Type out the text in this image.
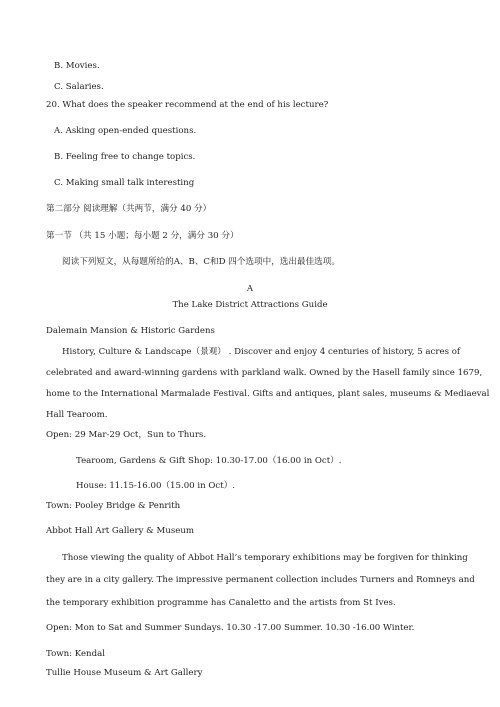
B. Movies.
C. Salaries.
20. What does the speaker recommend at the end of his lecture?
A. Asking open-ended questions.
B. Feeling free to change topics.
C. Making small talk interesting
第二部分 阅读理解（共两节，满分 40 分）
第一节 （共 15 小题；每小题 2 分，满分 30 分）
阅读下列短文，从每题所给的A、B、C和D 四个选项中，选出最佳选项。
A
The Lake District Attractions Guide
Dalemain Mansion & Historic Gardens
History, Culture & Landscape（景观） . Discover and enjoy 4 centuries of history, 5 acres of
celebrated and award-winning gardens with parkland walk. Owned by the Hasell family since 1679,
home to the International Marmalade Festival. Gifts and antiques, plant sales, museums & Mediaeval
Hall Tearoom.
Open: 29 Mar-29 Oct，Sun to Thurs.
Tearoom, Gardens & Gift Shop: 10.30-17.00（16.00 in Oct）.
House: 11.15-16.00（15.00 in Oct）.
Town: Pooley Bridge & Penrith
Abbot Hall Art Gallery & Museum
Those viewing the quality of Abbot Hall’s temporary exhibitions may be forgiven for thinking
they are in a city gallery. The impressive permanent collection includes Turners and Romneys and
the temporary exhibition programme has Canaletto and the artists from St Ives.
Open: Mon to Sat and Summer Sundays. 10.30 -17.00 Summer. 10.30 -16.00 Winter.
Town: Kendal
Tullie House Museum & Art Gallery
